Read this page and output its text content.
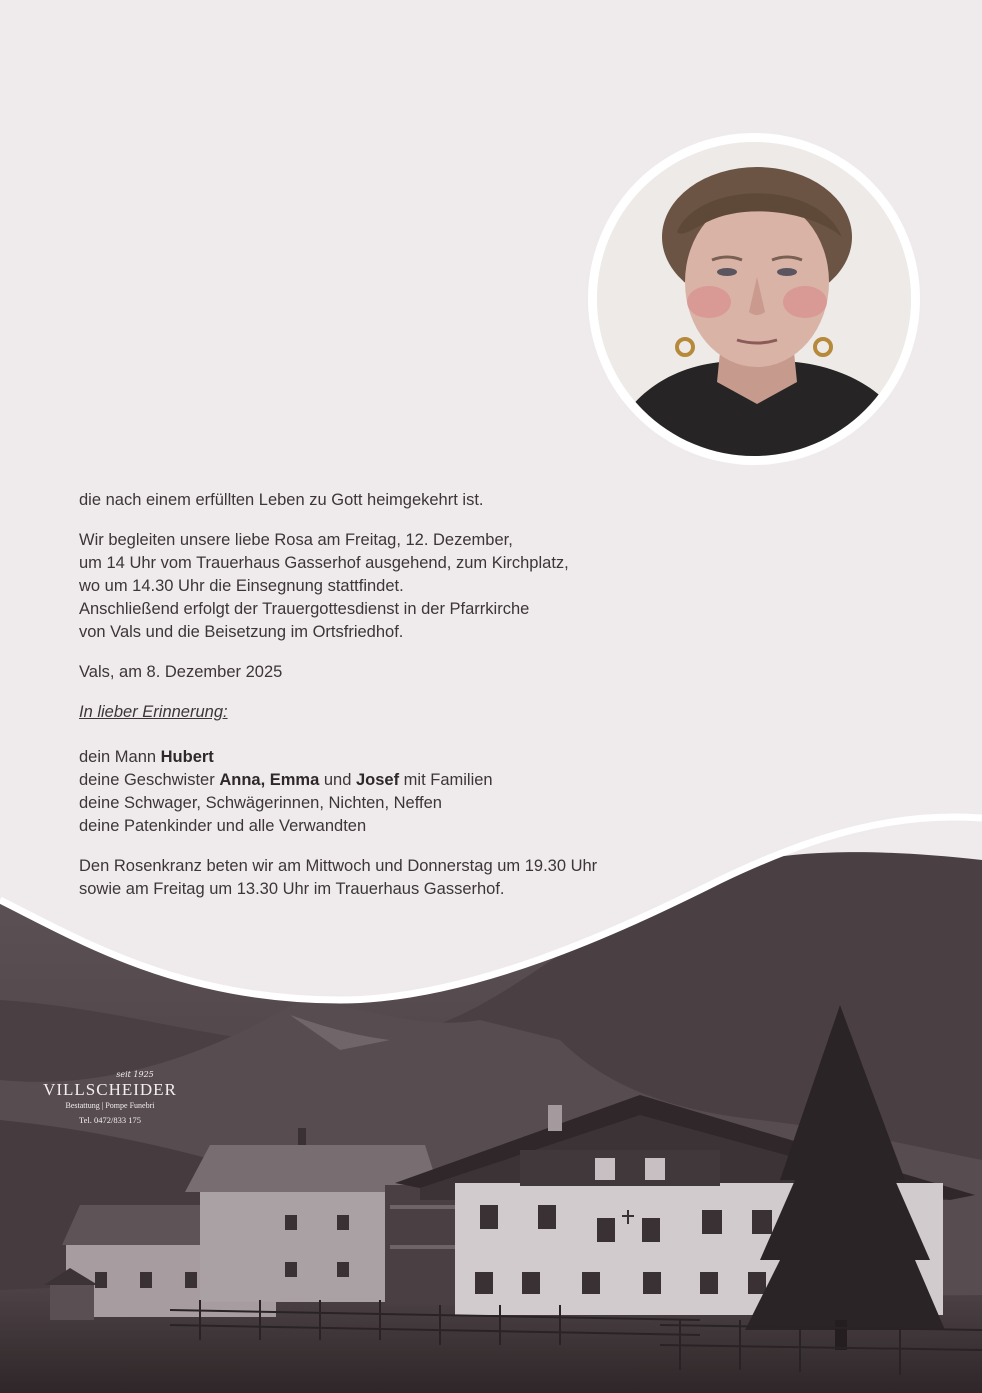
die nach einem erfüllten Leben zu Gott heimgekehrt ist.
Wir begleiten unsere liebe Rosa am Freitag, 12. Dezember,
um 14 Uhr vom Trauerhaus Gasserhof ausgehend, zum Kirchplatz,
wo um 14.30 Uhr die Einsegnung stattfindet.
Anschließend erfolgt der Trauergottesdienst in der Pfarrkirche
von Vals und die Beisetzung im Ortsfriedhof.
Vals, am 8. Dezember 2025
In lieber Erinnerung:
dein Mann Hubert
deine Geschwister Anna, Emma und Josef mit Familien
deine Schwager, Schwägerinnen, Nichten, Neffen
deine Patenkinder und alle Verwandten
Den Rosenkranz beten wir am Mittwoch und Donnerstag um 19.30 Uhr
sowie am Freitag um 13.30 Uhr im Trauerhaus Gasserhof.
seit 1925
VILLSCHEIDER
Bestattung | Pompe Funebri
Tel. 0472/833 175
